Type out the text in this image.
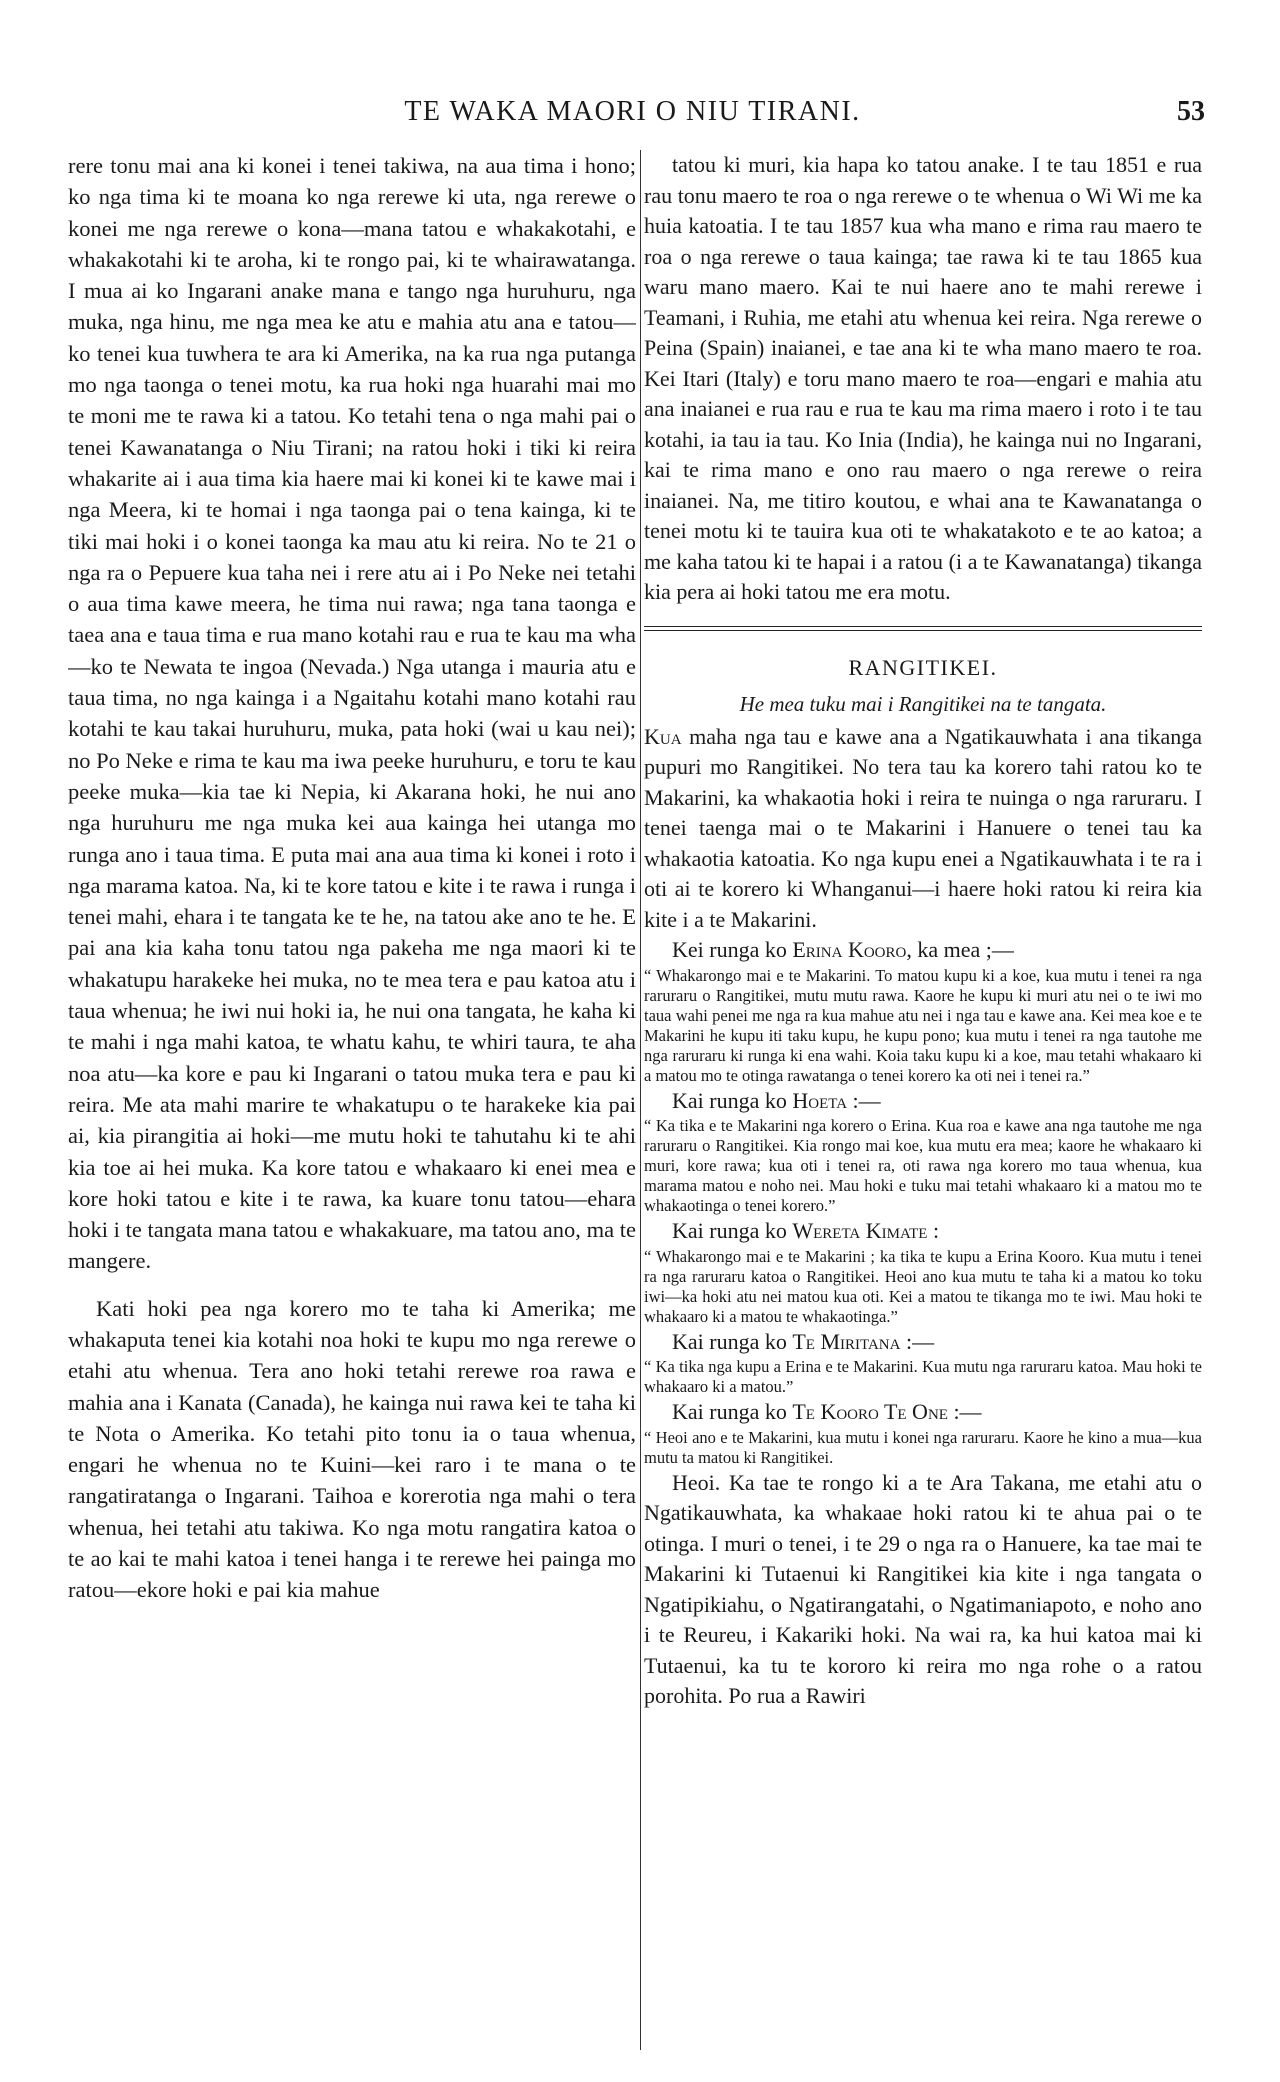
TE WAKA MAORI O NIU TIRANI.	53

rere tonu mai ana ki konei i tenei takiwa, na aua tima i hono; ko nga tima ki te moana ko nga rerewe ki uta, nga rerewe o konei me nga rerewe o kona—mana tatou e whakakotahi, e whakakotahi ki te aroha, ki te rongo pai, ki te whairawatanga. I mua ai ko Ingarani anake mana e tango nga huruhuru, nga muka, nga hinu, me nga mea ke atu e mahia atu ana e tatou—ko tenei kua tuwhera te ara ki Amerika, na ka rua nga putanga mo nga taonga o tenei motu, ka rua hoki nga huarahi mai mo te moni me te rawa ki a tatou. Ko tetahi tena o nga mahi pai o tenei Kawanatanga o Niu Tirani; na ratou hoki i tiki ki reira whakarite ai i aua tima kia haere mai ki konei ki te kawe mai i nga Meera, ki te homai i nga taonga pai o tena kainga, ki te tiki mai hoki i o konei taonga ka mau atu ki reira. No te 21 o nga ra o Pepuere kua taha nei i rere atu ai i Po Neke nei tetahi o aua tima kawe meera, he tima nui rawa; nga tana taonga e taea ana e taua tima e rua mano kotahi rau e rua te kau ma wha—ko te Newata te ingoa (Nevada.) Nga utanga i mauria atu e taua tima, no nga kainga i a Ngaitahu kotahi mano kotahi rau kotahi te kau takai huruhuru, muka, pata hoki (wai u kau nei); no Po Neke e rima te kau ma iwa peeke huruhuru, e toru te kau peeke muka—kia tae ki Nepia, ki Akarana hoki, he nui ano nga huruhuru me nga muka kei aua kainga hei utanga mo runga ano i taua tima. E puta mai ana aua tima ki konei i roto i nga marama katoa. Na, ki te kore tatou e kite i te rawa i runga i tenei mahi, ehara i te tangata ke te he, na tatou ake ano te he. E pai ana kia kaha tonu tatou nga pakeha me nga maori ki te whakatupu harakeke hei muka, no te mea tera e pau katoa atu i taua whenua; he iwi nui hoki ia, he nui ona tangata, he kaha ki te mahi i nga mahi katoa, te whatu kahu, te whiri taura, te aha noa atu—ka kore e pau ki Ingarani o tatou muka tera e pau ki reira. Me ata mahi marire te whakatupu o te harakeke kia pai ai, kia pirangitia ai hoki—me mutu hoki te tahutahu ki te ahi kia toe ai hei muka. Ka kore tatou e whakaaro ki enei mea e kore hoki tatou e kite i te rawa, ka kuare tonu tatou—ehara hoki i te tangata mana tatou e whakakuare, ma tatou ano, ma te mangere.

Kati hoki pea nga korero mo te taha ki Amerika; me whakaputa tenei kia kotahi noa hoki te kupu mo nga rerewe o etahi atu whenua. Tera ano hoki tetahi rerewe roa rawa e mahia ana i Kanata (Canada), he kainga nui rawa kei te taha ki te Nota o Amerika. Ko tetahi pito tonu ia o taua whenua, engari he whenua no te Kuini—kei raro i te mana o te rangatiratanga o Ingarani. Taihoa e korerotia nga mahi o tera whenua, hei tetahi atu takiwa. Ko nga motu rangatira katoa o te ao kai te mahi katoa i tenei hanga i te rerewe hei painga mo ratou—ekore hoki e pai kia mahue

tatou ki muri, kia hapa ko tatou anake. I te tau 1851 e rua rau tonu maero te roa o nga rerewe o te whenua o Wi Wi me ka huia katoatia. I te tau 1857 kua wha mano e rima rau maero te roa o nga rerewe o taua kainga; tae rawa ki te tau 1865 kua waru mano maero. Kai te nui haere ano te mahi rerewe i Teamani, i Ruhia, me etahi atu whenua kei reira. Nga rerewe o Peina (Spain) inaianei, e tae ana ki te wha mano maero te roa. Kei Itari (Italy) e toru mano maero te roa—engari e mahia atu ana inaianei e rua rau e rua te kau ma rima maero i roto i te tau kotahi, ia tau ia tau. Ko Inia (India), he kainga nui no Ingarani, kai te rima mano e ono rau maero o nga rerewe o reira inaianei. Na, me titiro koutou, e whai ana te Kawanatanga o tenei motu ki te tauira kua oti te whakatakoto e te ao katoa; a me kaha tatou ki te hapai i a ratou (i a te Kawanatanga) tikanga kia pera ai hoki tatou me era motu.

RANGITIKEI.
He mea tuku mai i Rangitikei na te tangata.

Kua maha nga tau e kawe ana a Ngatikauwhata i ana tikanga pupuri mo Rangitikei. No tera tau ka korero tahi ratou ko te Makarini, ka whakaotia hoki i reira te nuinga o nga raruraru. I tenei taenga mai o te Makarini i Hanuere o tenei tau ka whakaotia katoatia. Ko nga kupu enei a Ngatikauwhata i te ra i oti ai te korero ki Whanganui—i haere hoki ratou ki reira kia kite i a te Makarini.

Kei runga ko Erina Kooro, ka mea ;—

“ Whakarongo mai e te Makarini. To matou kupu ki a koe, kua mutu i tenei ra nga raruraru o Rangitikei, mutu mutu rawa. Kaore he kupu ki muri atu nei o te iwi mo taua wahi penei me nga ra kua mahue atu nei i nga tau e kawe ana. Kei mea koe e te Makarini he kupu iti taku kupu, he kupu pono; kua mutu i tenei ra nga tautohe me nga raruraru ki runga ki ena wahi. Koia taku kupu ki a koe, mau tetahi whakaaro ki a matou mo te otinga rawatanga o tenei korero ka oti nei i tenei ra.”

Kai runga ko Hoeta :—

“ Ka tika e te Makarini nga korero o Erina. Kua roa e kawe ana nga tautohe me nga raruraru o Rangitikei. Kia rongo mai koe, kua mutu era mea; kaore he whakaaro ki muri, kore rawa; kua oti i tenei ra, oti rawa nga korero mo taua whenua, kua marama matou e noho nei. Mau hoki e tuku mai tetahi whakaaro ki a matou mo te whakaotinga o tenei korero.”

Kai runga ko Wereta Kimate :

“ Whakarongo mai e te Makarini ; ka tika te kupu a Erina Kooro. Kua mutu i tenei ra nga raruraru katoa o Rangitikei. Heoi ano kua mutu te taha ki a matou ko toku iwi—ka hoki atu nei matou kua oti. Kei a matou te tikanga mo te iwi. Mau hoki te whakaaro ki a matou te whakaotinga.”

Kai runga ko Te Miritana :—

“ Ka tika nga kupu a Erina e te Makarini. Kua mutu nga raruraru katoa. Mau hoki te whakaaro ki a matou.”

Kai runga ko Te Kooro Te One :—

“ Heoi ano e te Makarini, kua mutu i konei nga raruraru. Kaore he kino a mua—kua mutu ta matou ki Rangitikei.

Heoi. Ka tae te rongo ki a te Ara Takana, me etahi atu o Ngatikauwhata, ka whakaae hoki ratou ki te ahua pai o te otinga. I muri o tenei, i te 29 o nga ra o Hanuere, ka tae mai te Makarini ki Tutaenui ki Rangitikei kia kite i nga tangata o Ngatipikiahu, o Ngatirangatahi, o Ngatimaniapoto, e noho ano i te Reureu, i Kakariki hoki. Na wai ra, ka hui katoa mai ki Tutaenui, ka tu te kororo ki reira mo nga rohe o a ratou porohita. Po rua a Rawiri
